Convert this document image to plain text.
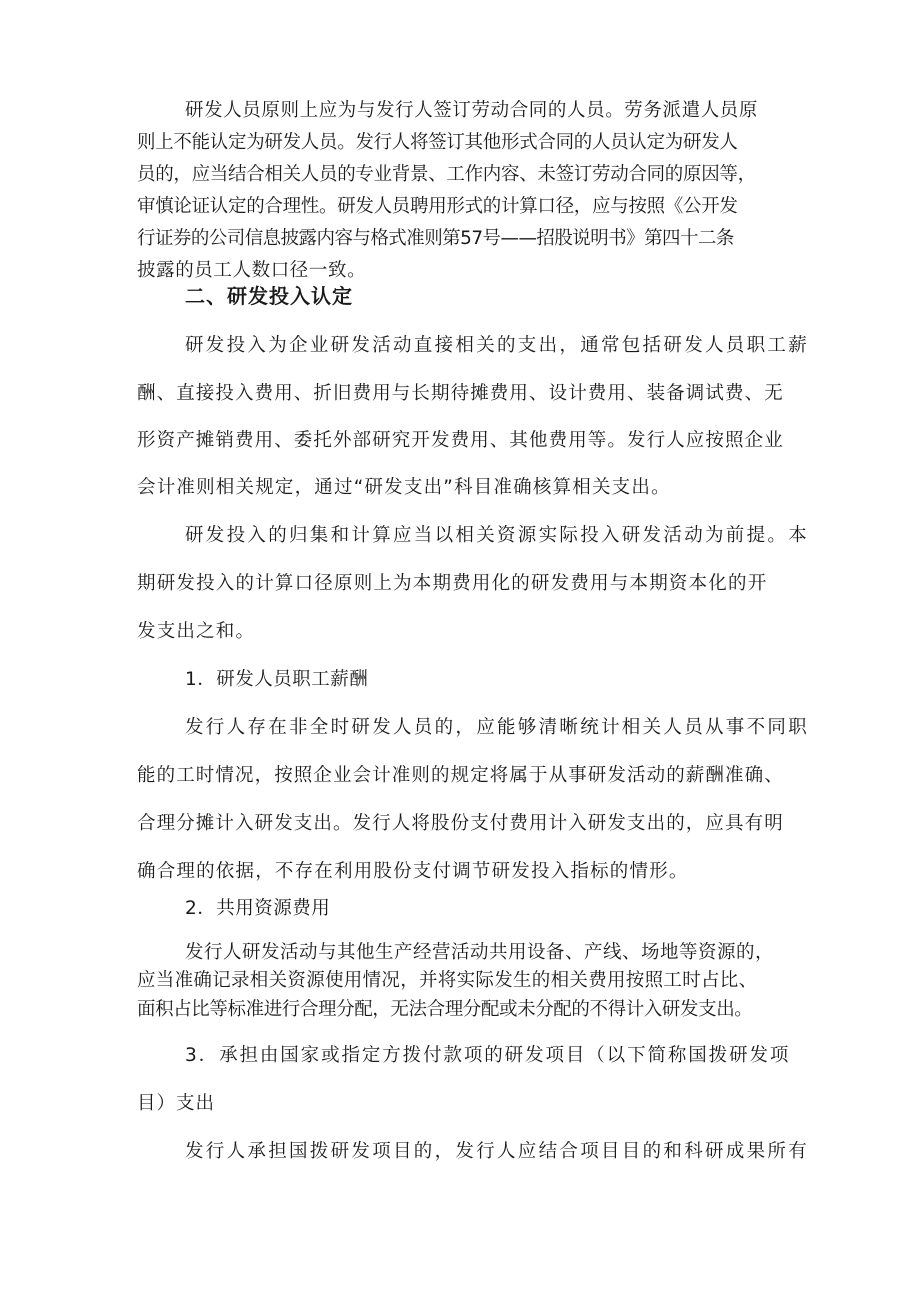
研发人员原则上应为与发行人签订劳动合同的人员。劳务派遣人员原
则上不能认定为研发人员。发行人将签订其他形式合同的人员认定为研发人
员的，应当结合相关人员的专业背景、工作内容、未签订劳动合同的原因等，
审慎论证认定的合理性。研发人员聘用形式的计算口径，应与按照《公开发
行证券的公司信息披露内容与格式准则第57号——招股说明书》第四十二条
披露的员工人数口径一致。
二、研发投入认定
研发投入为企业研发活动直接相关的支出，通常包括研发人员职工薪
酬、直接投入费用、折旧费用与长期待摊费用、设计费用、装备调试费、无
形资产摊销费用、委托外部研究开发费用、其他费用等。发行人应按照企业
会计准则相关规定，通过“研发支出”科目准确核算相关支出。
研发投入的归集和计算应当以相关资源实际投入研发活动为前提。本
期研发投入的计算口径原则上为本期费用化的研发费用与本期资本化的开
发支出之和。
1．研发人员职工薪酬
发行人存在非全时研发人员的，应能够清晰统计相关人员从事不同职
能的工时情况，按照企业会计准则的规定将属于从事研发活动的薪酬准确、
合理分摊计入研发支出。发行人将股份支付费用计入研发支出的，应具有明
确合理的依据，不存在利用股份支付调节研发投入指标的情形。
2．共用资源费用
发行人研发活动与其他生产经营活动共用设备、产线、场地等资源的，
应当准确记录相关资源使用情况，并将实际发生的相关费用按照工时占比、
面积占比等标准进行合理分配，无法合理分配或未分配的不得计入研发支出。
3．承担由国家或指定方拨付款项的研发项目（以下简称国拨研发项
目）支出
发行人承担国拨研发项目的，发行人应结合项目目的和科研成果所有
